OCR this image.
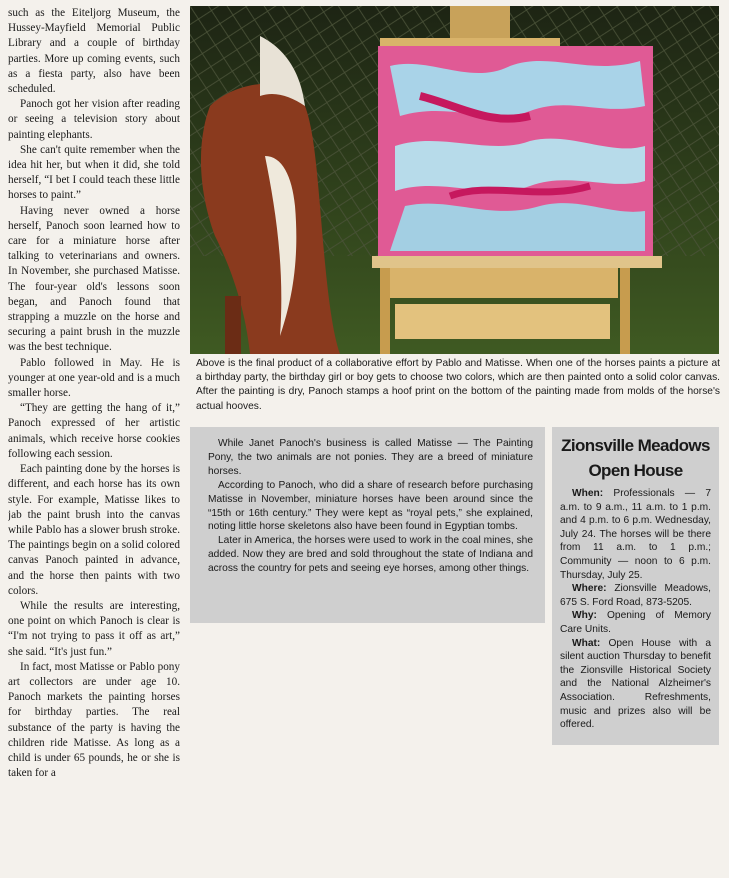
such as the Eiteljorg Museum, the Hussey-Mayfield Memorial Public Library and a couple of birthday parties. More up coming events, such as a fiesta party, also have been scheduled.

Panoch got her vision after reading or seeing a television story about painting elephants.

She can't quite remember when the idea hit her, but when it did, she told herself, “I bet I could teach these little horses to paint.”

Having never owned a horse herself, Panoch soon learned how to care for a miniature horse after talking to veterinarians and owners. In November, she purchased Matisse. The four-year old's lessons soon began, and Panoch found that strapping a muzzle on the horse and securing a paint brush in the muzzle was the best technique.

Pablo followed in May. He is younger at one year-old and is a much smaller horse.

“They are getting the hang of it,” Panoch expressed of her artistic animals, which receive horse cookies following each session.

Each painting done by the horses is different, and each horse has its own style. For example, Matisse likes to jab the paint brush into the canvas while Pablo has a slower brush stroke. The paintings begin on a solid colored canvas Panoch painted in advance, and the horse then paints with two colors.

While the results are interesting, one point on which Panoch is clear is “I'm not trying to pass it off as art,” she said. “It's just fun.”

In fact, most Matisse or Pablo pony art collectors are under age 10. Panoch markets the painting horses for birthday parties. The real substance of the party is having the children ride Matisse. As long as a child is under 65 pounds, he or she is taken for a

Above is the final product of a collaborative effort by Pablo and Matisse. When one of the horses paints a picture at a birthday party, the birthday girl or boy gets to choose two colors, which are then painted onto a solid color canvas. After the painting is dry, Panoch stamps a hoof print on the bottom of the painting made from molds of the horse's actual hooves.

While Janet Panoch's business is called Matisse — The Painting Pony, the two animals are not ponies. They are a breed of miniature horses.

According to Panoch, who did a share of research before purchasing Matisse in November, miniature horses have been around since the “15th or 16th century.” They were kept as “royal pets,” she explained, noting little horse skeletons also have been found in Egyptian tombs.

Later in America, the horses were used to work in the coal mines, she added. Now they are bred and sold throughout the state of Indiana and across the country for pets and seeing eye horses, among other things.

Zionsville Meadows
Open House

When: Professionals — 7 a.m. to 9 a.m., 11 a.m. to 1 p.m. and 4 p.m. to 6 p.m. Wednesday, July 24. The horses will be there from 11 a.m. to 1 p.m.; Community — noon to 6 p.m. Thursday, July 25.

Where: Zionsville Meadows, 675 S. Ford Road, 873-5205.

Why: Opening of Memory Care Units.

What: Open House with a silent auction Thursday to benefit the Zionsville Historical Society and the National Alzheimer's Association. Refreshments, music and prizes also will be offered.
